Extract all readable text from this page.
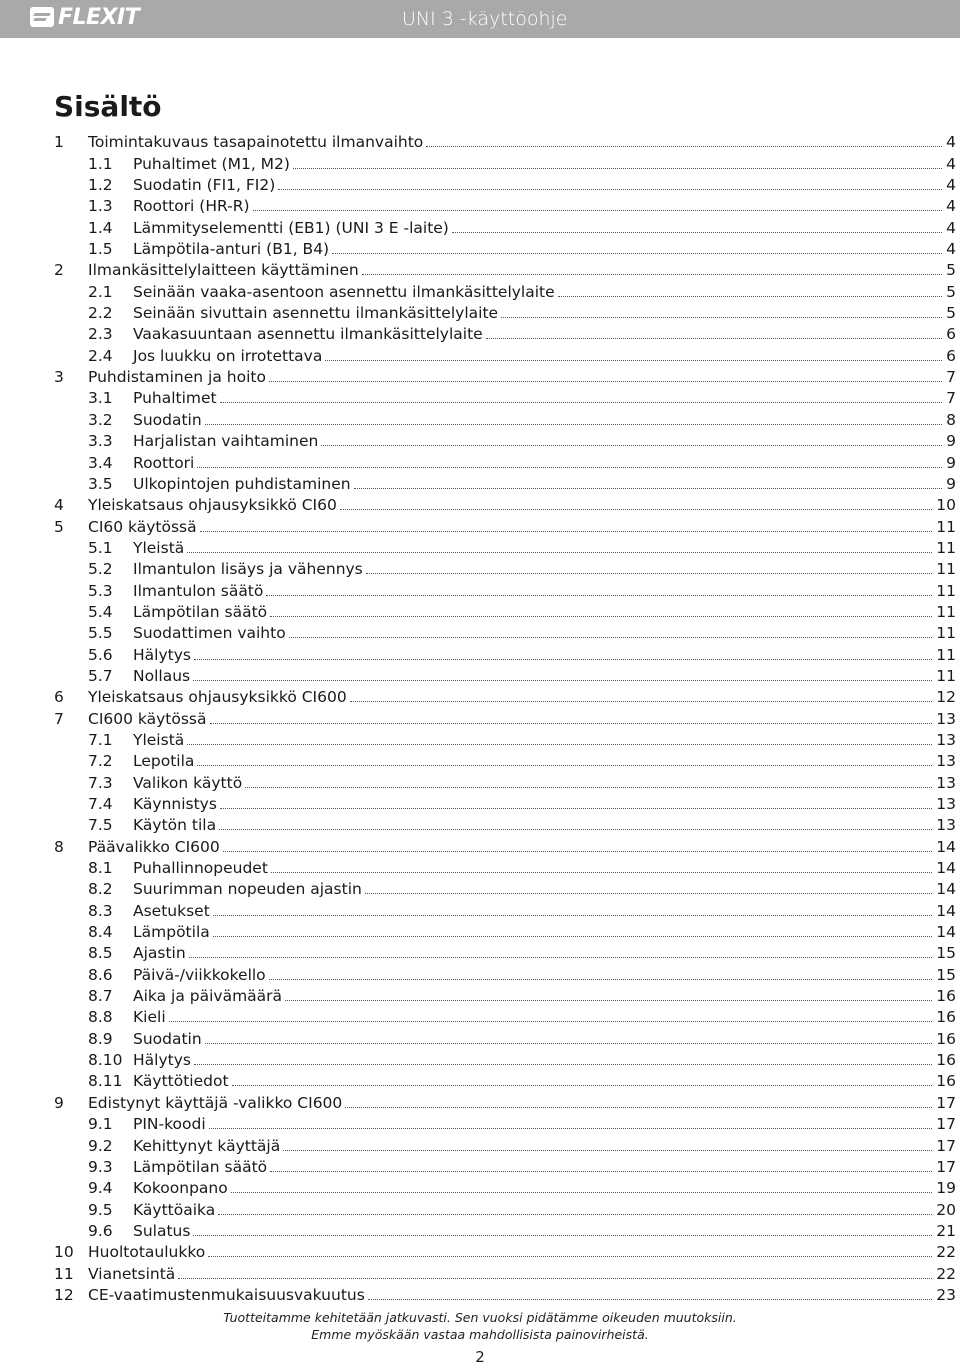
FLEXIT	UNI 3 -käyttöohje
Sisältö
1	Toimintakuvaus tasapainotettu ilmanvaihto	4
1.1	Puhaltimet (M1, M2)	4
1.2	Suodatin (FI1, FI2)	4
1.3	Roottori (HR-R)	4
1.4	Lämmityselementti (EB1) (UNI 3 E -laite)	4
1.5	Lämpötila-anturi (B1, B4)	4
2	Ilmankäsittelylaitteen käyttäminen	5
2.1	Seinään vaaka-asentoon asennettu ilmankäsittelylaite	5
2.2	Seinään sivuttain asennettu ilmankäsittelylaite	5
2.3	Vaakasuuntaan asennettu ilmankäsittelylaite	6
2.4	Jos luukku on irrotettava	6
3	Puhdistaminen ja hoito	7
3.1	Puhaltimet	7
3.2	Suodatin	8
3.3	Harjalistan vaihtaminen	9
3.4	Roottori	9
3.5	Ulkopintojen puhdistaminen	9
4	Yleiskatsaus ohjausyksikkö CI60	10
5	CI60 käytössä	11
5.1	Yleistä	11
5.2	Ilmantulon lisäys ja vähennys	11
5.3	Ilmantulon säätö	11
5.4	Lämpötilan säätö	11
5.5	Suodattimen vaihto	11
5.6	Hälytys	11
5.7	Nollaus	11
6	Yleiskatsaus ohjausyksikkö CI600	12
7	CI600 käytössä	13
7.1	Yleistä	13
7.2	Lepotila	13
7.3	Valikon käyttö	13
7.4	Käynnistys	13
7.5	Käytön tila	13
8	Päävalikko CI600	14
8.1	Puhallinnopeudet	14
8.2	Suurimman nopeuden ajastin	14
8.3	Asetukset	14
8.4	Lämpötila	14
8.5	Ajastin	15
8.6	Päivä-/viikkokello	15
8.7	Aika ja päivämäärä	16
8.8	Kieli	16
8.9	Suodatin	16
8.10 Hälytys	16
8.11 Käyttötiedot	16
9	Edistynyt käyttäjä -valikko CI600	17
9.1	PIN-koodi	17
9.2	Kehittynyt käyttäjä	17
9.3	Lämpötilan säätö	17
9.4	Kokoonpano	19
9.5	Käyttöaika	20
9.6	Sulatus	21
10 Huoltotaulukko	22
11 Vianetsintä	22
12 CE-vaatimustenmukaisuusvakuutus	23
Tuotteitamme kehitetään jatkuvasti. Sen vuoksi pidätämme oikeuden muutoksiin.
Emme myöskään vastaa mahdollisista painovirheistä.
2
